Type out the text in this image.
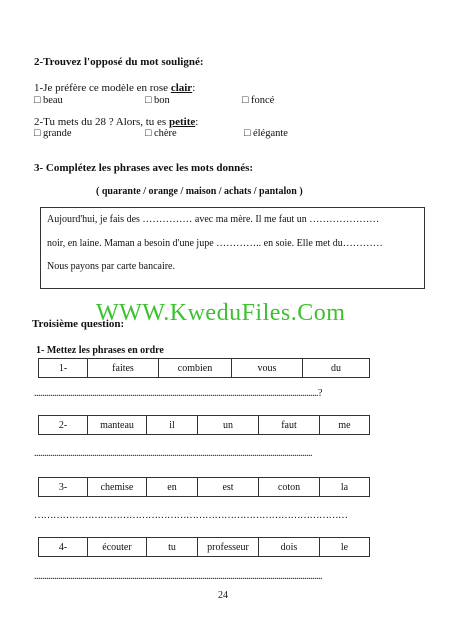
2-Trouvez l'opposé du mot souligné:
1-Je préfère ce modèle en rose clair:
□ beau	□ bon	□ foncé
2-Tu mets du 28 ? Alors, tu es petite:
□ grande	□ chère	□ élégante
3- Complétez les phrases avec les mots donnés:
( quarante / orange / maison / achats / pantalon )
Aujourd'hui, je fais des …………… avec ma mère. Il me faut un …………………
noir, en laine. Maman a besoin d'une jupe ………….. en soie. Elle met du…………
Nous payons par carte bancaire.
WWW.KweduFiles.Com
Troisième question:
1- Mettez les phrases en ordre
1-	faites	combien	vous	du
..............................................................................................................................................?
2-	manteau	il	un	faut	me
...........................................................................................................................................
3-	chemise	en	est	coton	la
………………………………………………………………………………………
4-	écouter	tu	professeur	dois	le
................................................................................................................................................
24
